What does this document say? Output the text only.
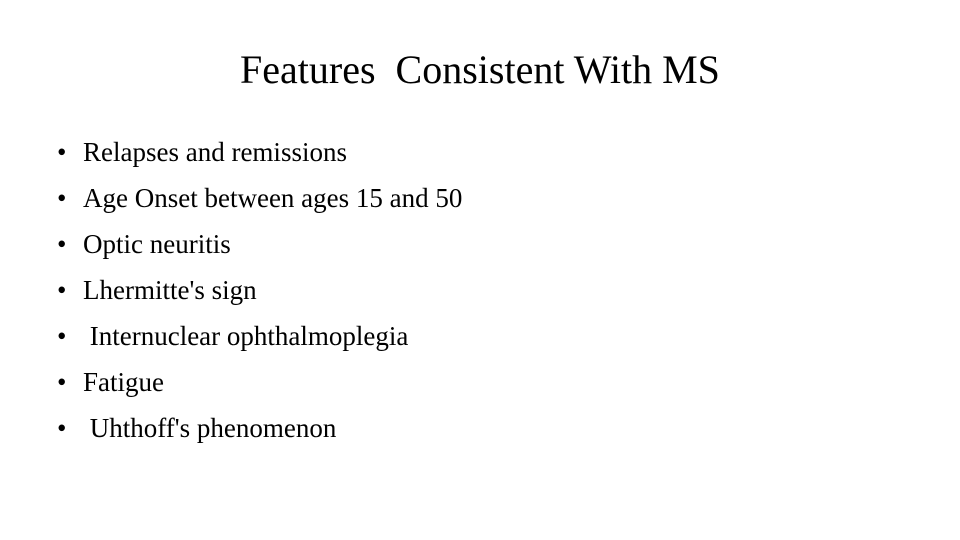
Features  Consistent With MS
• Relapses and remissions
• Age Onset between ages 15 and 50
• Optic neuritis
• Lhermitte's sign
• Internuclear ophthalmoplegia
• Fatigue
• Uhthoff's phenomenon
